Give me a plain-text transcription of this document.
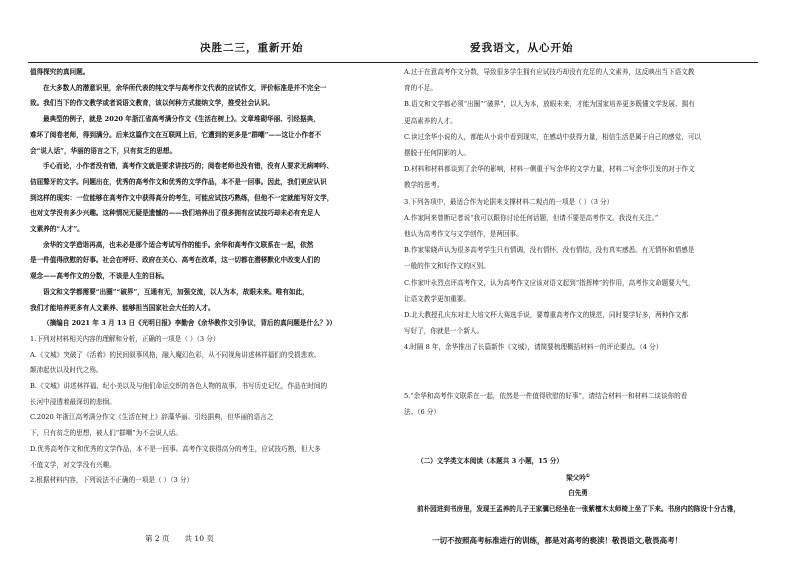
决胜二三，重新开始	爱我语文，从心开始
值得探究的真问题。
在大多数人的潜意识里，余华所代表的纯文学与高考作文代表的应试作文，评价标准是并不完全一
致。我们当下的作文教学或者说语文教育，该以何种方式接纳文学，推受社会认识。
最典型的例子，就是 2020 年浙江省高考满分作文《生活在树上》。文章堆砌华丽、引经据典，
难坏了阅卷老师，得到满分。后来这篇作文在互联网上后，它遭到的更多是“群嘲”——这让小作者不
会“说人话”，华丽的语言之下，只有贫乏的思想。
手心而论，小作者没有错，高考作文就是要求讲技巧的；阅卷老师也没有错，没有人要求无病呻吟、
佶屈聱牙的文字。问题出在，优秀的高考作文和优秀的文学作品，本不是一回事。因此，我们更应认识
到这样的现实：一位能够在高考作文中获得高分的考生，可能应试技巧熟练，但他不一定就能写好文学，
也对文学没有多少兴趣。这种情况无疑是遗憾的——我们培养出了很多拥有应试技巧却未必有充足人
文素养的“人才”。
余华的文学造诣再高，也未必是那个适合考试写作的能手。余华和高考作文联系在一起，依然
是一件值得欣慰的好事。社会在呼吁、政府在关心、高考在改革，这一切都在潜移默化中改变人们的
观念——高考作文的分数，不该是人生的目标。
语文和文学都需要“出圈”“破界”，互通有无，加强交流，以人为本，故眼未来。唯有如此，
我们才能培养更多有人文素养、能够担当国家社会大任的人才。
（摘编自 2021 年 3 月 13 日《光明日报》李勤舍《余华教作文引争议，背后的真问题是什么？》）
1.下列对材料相关内容的理解和分析，正确的一项是（ ）（3 分）
A.《文城》突破了《活着》的民间叙事风格，融入魔幻色彩，从不同视角讲述林祥福们的受损悲欢、
颠沛起伏以及时代之殇。
B.《文城》讲述林祥福、纪小美以及与他们命运交织的各色人物的故事，书写历史记忆，作品在时间的
长河中浸透着最深切的悲悯。
C.2020 年浙江高考满分作文《生活在树上》辞藻华丽、引经据典，但华丽的语言之
下，只有贫乏的思想，被人们“群嘲”为不会说人话。
D.优秀高考作文和优秀的文学作品，本不是一回事。高考作文获得高分的考生，应试技巧熟，但大多
不值文学，对文学没有兴趣。
2.根据材料内容，下列说法不正确的一项是（ ）（3 分）
A.过于在意高考作文分数，导致很多学生拥有应试技巧却没有充足的人文素养，这反映出当下语文教
育的不足。
B.语文和文学都必须“出圈”“破界”，以人为本，放眼未来，才能为国家培养更多既懂文学发展、拥有
更高素养的人才。
C.读过余华小说的人，都能从小说中看到现实，在感动中获得力量，相信生活是属于自己的感觉，可以
摆脱于任何阴影的人。
D.材料和材料都谈到了余华的影响，材料一侧重于写余华的文学力量，材料二写余华引发的对于作文
教学的思考。
3.下列各项中，最适合作为论据来支撑材料二观点的一项是（ ）（3 分）
A.作家阿来曾断记者说“我可以跟你讨论任何话题，但请不要是高考作文。我没有关注。”
他认为高考作文与文学创作，是两回事。
B.作家梁晓声认为很多高考学生只有情调，没有情怀，没有情结，没有真实感悉。有无情怀和情感是
一般的作文和好作文的区别。
C.作家叶永烈点评高考作文，认为高考作文应该对语文起到“指挥棒”的作用，高考作文命题要大气，
让语文教学更加重要。
D.北大教授孔庆东对北大培文杯大赛选手说，要尊重高考作文的规范，同时要学好多，两种作文都
写好了，你就是一个新人。
4.时隔 8 年，余华推出了长篇新作《文城》，请简要梳理概括材料一的评论要点。（4 分）
5.“余华和高考作文联系在一起，依然是一件值得欣慰的好事”，请结合材料一和材料二谈谈你的看
法。（6 分）
（二）文学类文本阅读（本题共 3 小题，15 分）
梁父吟①
白先勇
前朴园进到书房里，发现王孟养的儿子王家骥已经坐在一张紫檀木太师椅上坐了下来。书房内的陈设十分古雅，
第 2 页　　共 10 页	一切不按照高考标准进行的训练，都是对高考的亵渎！敬畏语文,敬畏高考！
